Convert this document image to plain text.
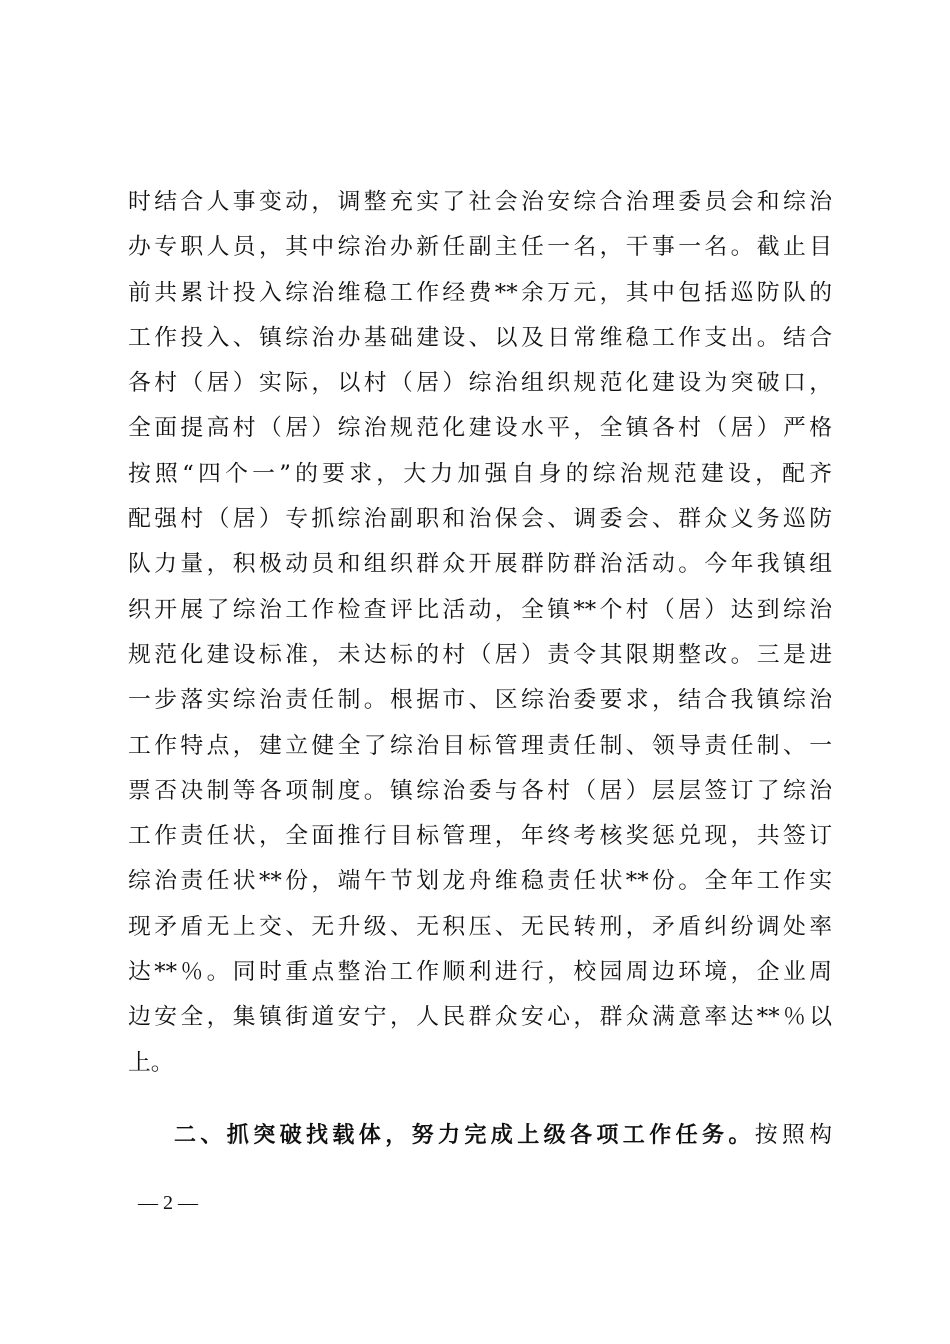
时结合人事变动，调整充实了社会治安综合治理委员会和综治
办专职人员，其中综治办新任副主任一名，干事一名。截止目
前共累计投入综治维稳工作经费**余万元，其中包括巡防队的
工作投入、镇综治办基础建设、以及日常维稳工作支出。结合
各村（居）实际，以村（居）综治组织规范化建设为突破口，
全面提高村（居）综治规范化建设水平，全镇各村（居）严格
按照“四个一”的要求，大力加强自身的综治规范建设，配齐
配强村（居）专抓综治副职和治保会、调委会、群众义务巡防
队力量，积极动员和组织群众开展群防群治活动。今年我镇组
织开展了综治工作检查评比活动，全镇**个村（居）达到综治
规范化建设标准，未达标的村（居）责令其限期整改。三是进
一步落实综治责任制。根据市、区综治委要求，结合我镇综治
工作特点，建立健全了综治目标管理责任制、领导责任制、一
票否决制等各项制度。镇综治委与各村（居）层层签订了综治
工作责任状，全面推行目标管理，年终考核奖惩兑现，共签订
综治责任状**份，端午节划龙舟维稳责任状**份。全年工作实
现矛盾无上交、无升级、无积压、无民转刑，矛盾纠纷调处率
达**％。同时重点整治工作顺利进行，校园周边环境，企业周
边安全，集镇街道安宁，人民群众安心，群众满意率达**％以
上。
二、抓突破找载体，努力完成上级各项工作任务。按照构
— 2 —
